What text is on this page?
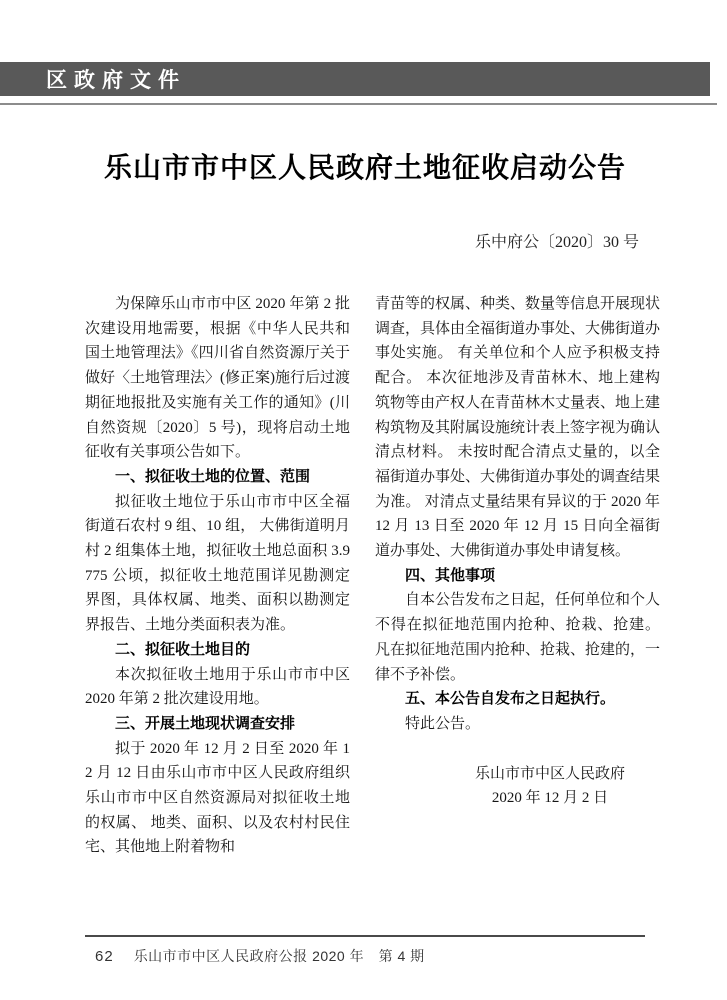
区政府文件
乐山市市中区人民政府土地征收启动公告
乐中府公〔2020〕30 号

为保障乐山市市中区 2020 年第 2 批次建设用地需要，根据《中华人民共和国土地管理法》《四川省自然资源厅关于做好〈土地管理法〉(修正案)施行后过渡期征地报批及实施有关工作的通知》(川自然资规〔2020〕5 号)，现将启动土地征收有关事项公告如下。

一、拟征收土地的位置、范围

拟征收土地位于乐山市市中区全福街道石农村 9 组、10 组， 大佛街道明月村 2 组集体土地，拟征收土地总面积 3.9775 公顷，拟征收土地范围详见勘测定界图，具体权属、地类、面积以勘测定界报告、土地分类面积表为准。

二、拟征收土地目的

本次拟征收土地用于乐山市市中区 2020 年第 2 批次建设用地。

三、开展土地现状调查安排

拟于 2020 年 12 月 2 日至 2020 年 12 月 12 日由乐山市市中区人民政府组织乐山市市中区自然资源局对拟征收土地的权属、 地类、面积、以及农村村民住宅、其他地上附着物和

青苗等的权属、种类、数量等信息开展现状调查，具体由全福街道办事处、大佛街道办事处实施。 有关单位和个人应予积极支持配合。 本次征地涉及青苗林木、地上建构筑物等由产权人在青苗林木丈量表、地上建构筑物及其附属设施统计表上签字视为确认清点材料。 未按时配合清点丈量的，以全福街道办事处、大佛街道办事处的调查结果为准。 对清点丈量结果有异议的于 2020 年 12 月 13 日至 2020 年 12 月 15 日向全福街道办事处、大佛街道办事处申请复核。

四、其他事项

自本公告发布之日起，任何单位和个人不得在拟征地范围内抢种、抢栽、抢建。 凡在拟征地范围内抢种、抢栽、抢建的，一律不予补偿。

五、本公告自发布之日起执行。

特此公告。

乐山市市中区人民政府
2020 年 12 月 2 日
62 乐山市市中区人民政府公报 2020 年　第 4 期
